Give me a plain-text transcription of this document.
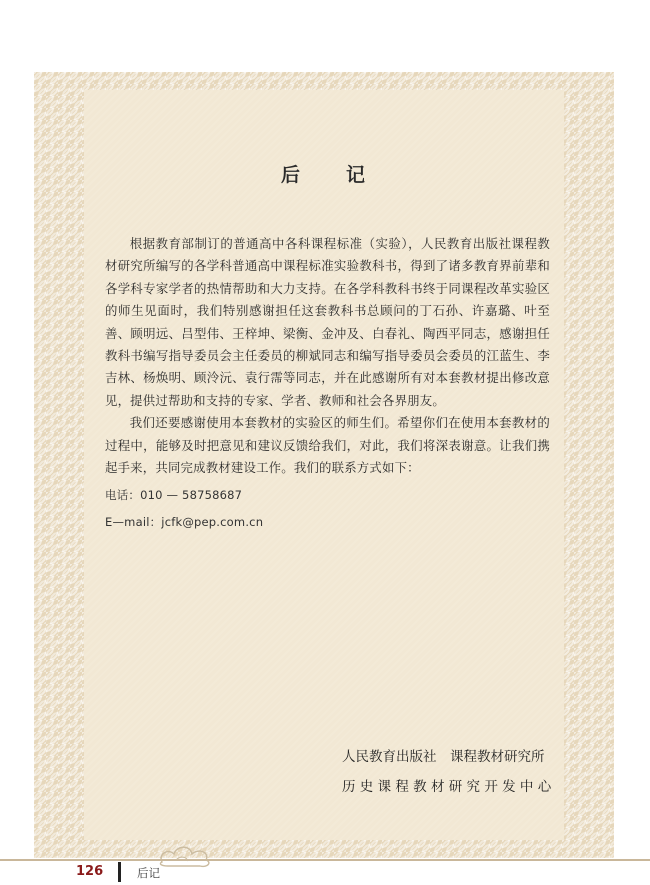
后 记

根据教育部制订的普通高中各科课程标准（实验），人民教育出版社课程教材研究所编写的各学科普通高中课程标准实验教科书，得到了诸多教育界前辈和各学科专家学者的热情帮助和大力支持。在各学科教科书终于同课程改革实验区的师生见面时，我们特别感谢担任这套教科书总顾问的丁石孙、许嘉璐、叶至善、顾明远、吕型伟、王梓坤、梁衡、金冲及、白春礼、陶西平同志，感谢担任教科书编写指导委员会主任委员的柳斌同志和编写指导委员会委员的江蓝生、李吉林、杨焕明、顾泠沅、袁行霈等同志，并在此感谢所有对本套教材提出修改意见，提供过帮助和支持的专家、学者、教师和社会各界朋友。

我们还要感谢使用本套教材的实验区的师生们。希望你们在使用本套教材的过程中，能够及时把意见和建议反馈给我们，对此，我们将深表谢意。让我们携起手来，共同完成教材建设工作。我们的联系方式如下：

电话：010 — 58758687
E—mail：jcfk@pep.com.cn
人民教育出版社　课程教材研究所
历 史 课 程 教 材 研 究 开 发 中 心
126	后记
